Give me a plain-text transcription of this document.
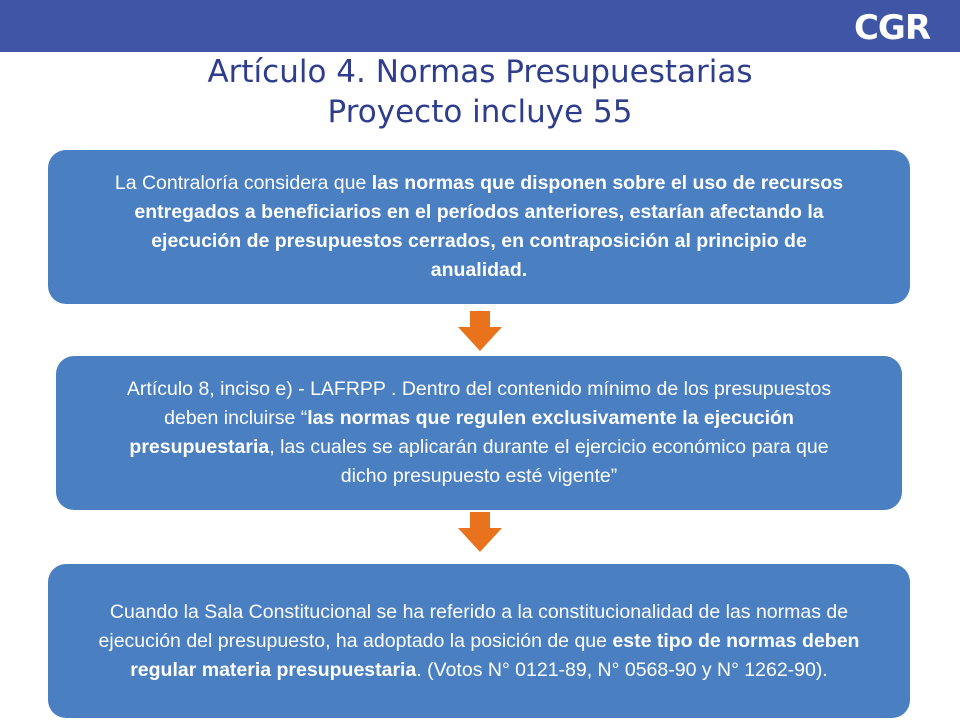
CGR
Artículo 4. Normas Presupuestarias
Proyecto incluye 55

La Contraloría considera que las normas que disponen sobre el uso de recursos entregados a beneficiarios en el períodos anteriores, estarían afectando la ejecución de presupuestos cerrados, en contraposición al principio de anualidad.

Artículo 8, inciso e) - LAFRPP . Dentro del contenido mínimo de los presupuestos deben incluirse “las normas que regulen exclusivamente la ejecución presupuestaria, las cuales se aplicarán durante el ejercicio económico para que dicho presupuesto esté vigente”

Cuando la Sala Constitucional se ha referido a la constitucionalidad de las normas de ejecución del presupuesto, ha adoptado la posición de que este tipo de normas deben regular materia presupuestaria. (Votos N° 0121-89, N° 0568-90 y N° 1262-90).
